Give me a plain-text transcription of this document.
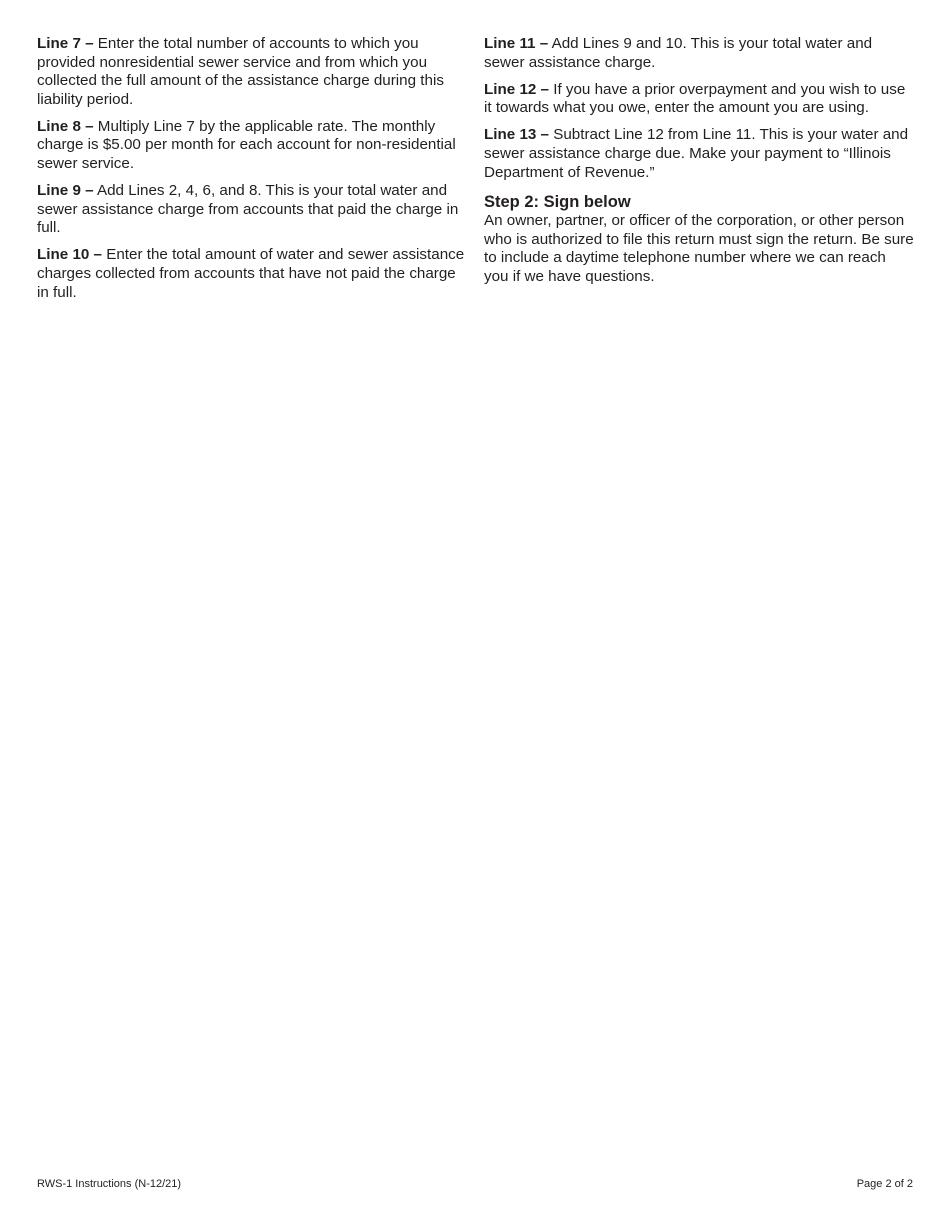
Line 7 – Enter the total number of accounts to which you provided nonresidential sewer service and from which you collected the full amount of the assistance charge during this liability period.

Line 8 – Multiply Line 7 by the applicable rate. The monthly charge is $5.00 per month for each account for non-residential sewer service.

Line 9 – Add Lines 2, 4, 6, and 8. This is your total water and sewer assistance charge from accounts that paid the charge in full.

Line 10 – Enter the total amount of water and sewer assistance charges collected from accounts that have not paid the charge in full.

Line 11 – Add Lines 9 and 10. This is your total water and sewer assistance charge.

Line 12 – If you have a prior overpayment and you wish to use it towards what you owe, enter the amount you are using.

Line 13 – Subtract Line 12 from Line 11. This is your water and sewer assistance charge due. Make your payment to “Illinois Department of Revenue.”

Step 2: Sign below

An owner, partner, or officer of the corporation, or other person who is authorized to file this return must sign the return. Be sure to include a daytime telephone number where we can reach you if we have questions.

RWS-1 Instructions (N-12/21)	Page 2 of 2
